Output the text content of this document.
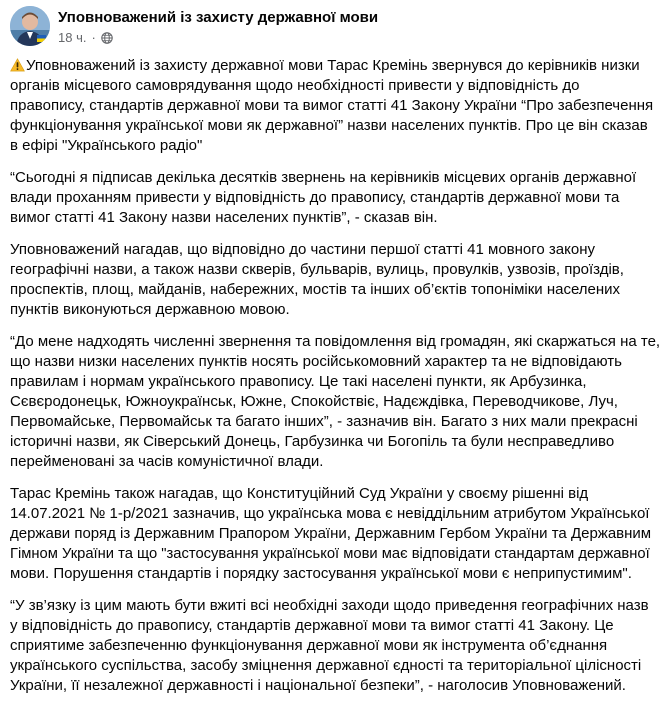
Уповноважений із захисту державної мови
18 ч. ·
Уповноважений із захисту державної мови Тарас Кремінь звернувся до керівників низки
органів місцевого самоврядування щодо необхідності привести у відповідність до
правопису, стандартів державної мови та вимог статті 41 Закону України “Про забезпечення
функціонування української мови як державної” назви населених пунктів. Про це він сказав
в ефірі "Українського радіо"
“Сьогодні я підписав декілька десятків звернень на керівників місцевих органів державної
влади проханням привести у відповідність до правопису, стандартів державної мови та
вимог статті 41 Закону назви населених пунктів”, - сказав він.
Уповноважений нагадав, що відповідно до частини першої статті 41 мовного закону
географічні назви, а також назви скверів, бульварів, вулиць, провулків, узвозів, проїздів,
проспектів, площ, майданів, набережних, мостів та інших об’єктів топоніміки населених
пунктів виконуються державною мовою.
“До мене надходять численні звернення та повідомлення від громадян, які скаржаться на те,
що назви низки населених пунктів носять російськомовний характер та не відповідають
правилам і нормам українського правопису. Це такі населені пункти, як Арбузинка,
Сєвєродонецьк, Южноукраїнськ, Южне, Спокойствіє, Надєждівка, Переводчикове, Луч,
Первомайське, Первомайськ та багато інших”, - зазначив він. Багато з них мали прекрасні
історичні назви, як Сіверський Донець, Гарбузинка чи Богопіль та були несправедливо
перейменовані за часів комуністичної влади.
Тарас Кремінь також нагадав, що Конституційний Суд України у своєму рішенні від
14.07.2021 № 1-р/2021 зазначив, що українська мова є невіддільним атрибутом Української
держави поряд із Державним Прапором України, Державним Гербом України та Державним
Гімном України та що "застосування української мови має відповідати стандартам державної
мови. Порушення стандартів і порядку застосування української мови є неприпустимим".
“У зв’язку із цим мають бути вжиті всі необхідні заходи щодо приведення географічних назв
у відповідність до правопису, стандартів державної мови та вимог статті 41 Закону. Це
сприятиме забезпеченню функціонування державної мови як інструмента об’єднання
українського суспільства, засобу зміцнення державної єдності та територіальної цілісності
України, її незалежної державності і національної безпеки”, - наголосив Уповноважений.
